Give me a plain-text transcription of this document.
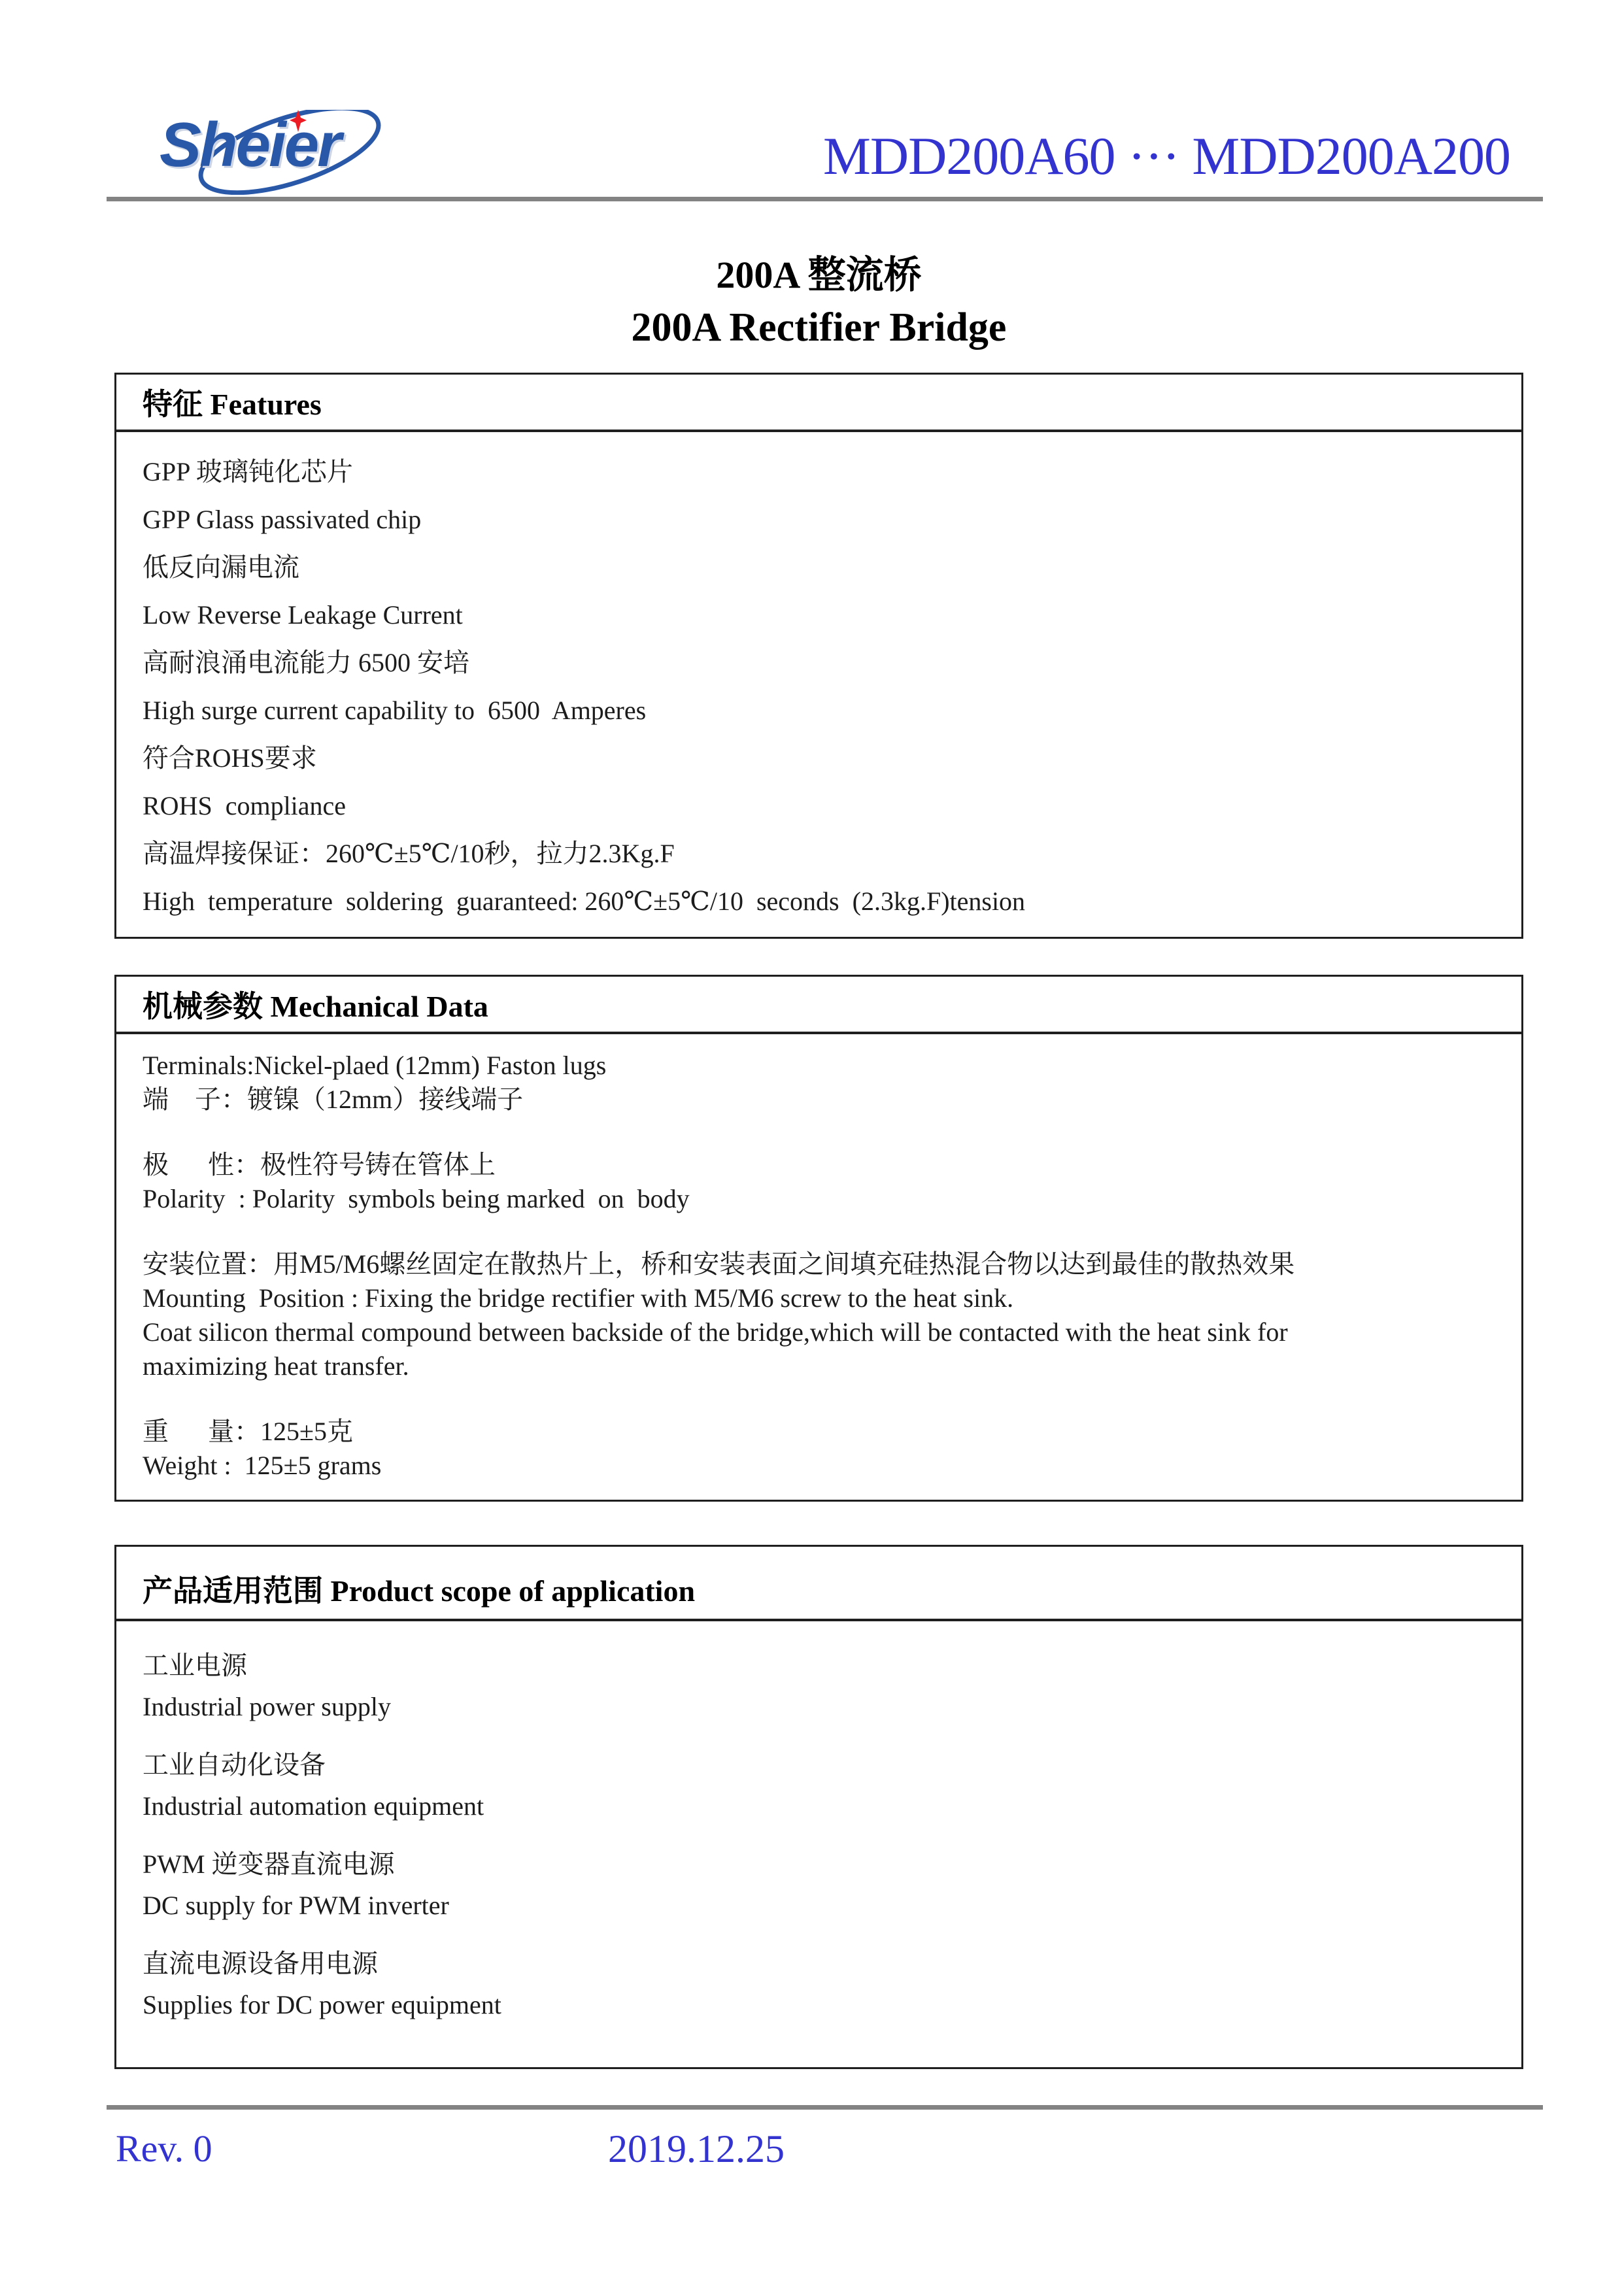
Sheier	MDD200A60 ··· MDD200A200
200A 整流桥
200A Rectifier Bridge
特征 Features
GPP 玻璃钝化芯片
GPP Glass passivated chip
低反向漏电流
Low Reverse Leakage Current
高耐浪涌电流能力 6500 安培
High surge current capability to  6500  Amperes
符合ROHS要求
ROHS  compliance
高温焊接保证：260℃±5℃/10秒，拉力2.3Kg.F
High  temperature  soldering  guaranteed: 260℃±5℃/10  seconds  (2.3kg.F)tension
机械参数 Mechanical Data
Terminals:Nickel-plaed (12mm) Faston lugs
端    子：镀镍（12mm）接线端子
极      性：极性符号铸在管体上
Polarity  : Polarity  symbols being marked  on  body
安装位置：用M5/M6螺丝固定在散热片上，桥和安装表面之间填充硅热混合物以达到最佳的散热效果
Mounting  Position : Fixing the bridge rectifier with M5/M6 screw to the heat sink.
Coat silicon thermal compound between backside of the bridge,which will be contacted with the heat sink for
maximizing heat transfer.
重      量：125±5克
Weight :  125±5 grams
产品适用范围 Product scope of application
工业电源
Industrial power supply
工业自动化设备
Industrial automation equipment
PWM 逆变器直流电源
DC supply for PWM inverter
直流电源设备用电源
Supplies for DC power equipment
Rev. 0	2019.12.25
